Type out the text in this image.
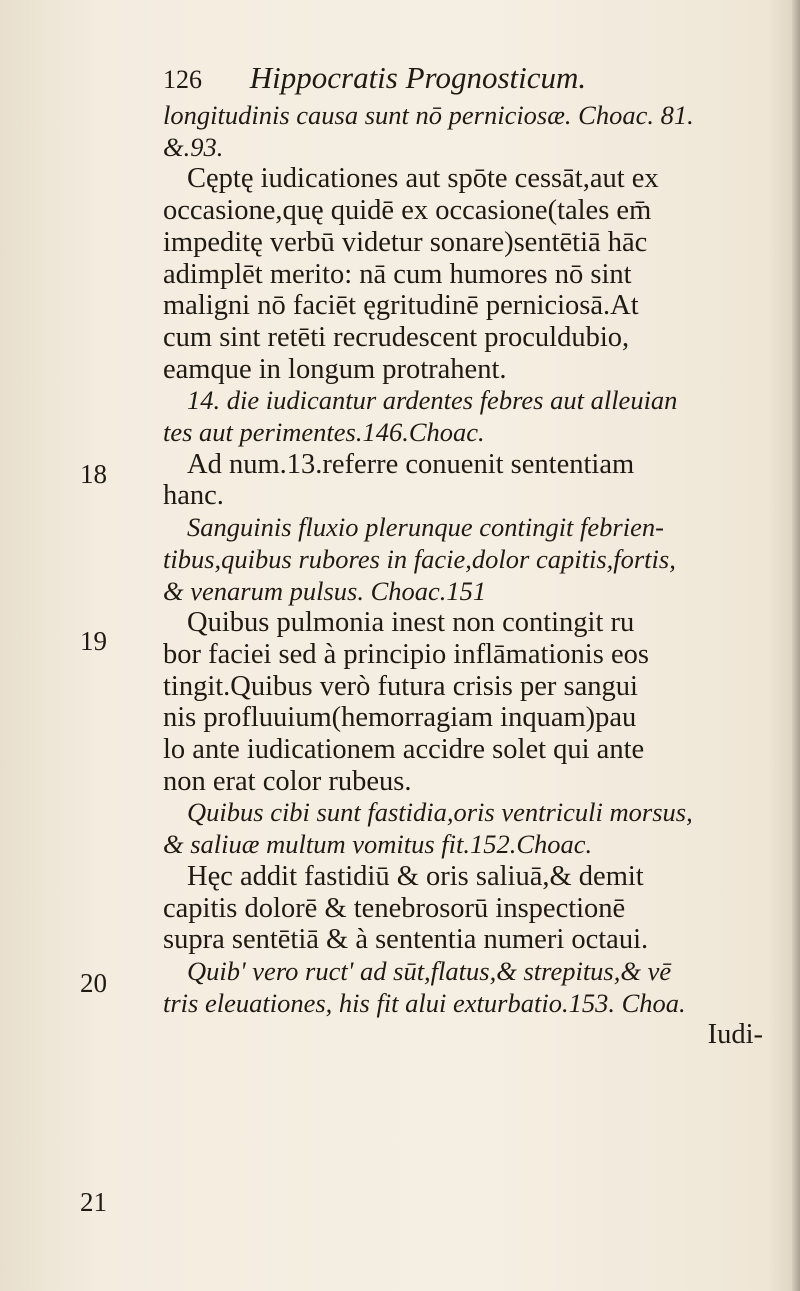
126 Hippocratis Prognosticum.
18
19
20
21
longitudinis causa sunt nō perniciosæ. Choac. 81.
&.93.
Cęptę iudicationes aut spōte cessāt,aut ex
occasione,quę quidē ex occasione(tales em̄
impeditę verbū videtur sonare)sentētiā hāc
adimplēt merito: nā cum humores nō sint
maligni nō faciēt ęgritudinē perniciosā.At
cum sint retēti recrudescent proculdubio,
eamque in longum protrahent.
14. die iudicantur ardentes febres aut alleuian
tes aut perimentes.146.Choac.
Ad num.13.referre conuenit sententiam
hanc.
Sanguinis fluxio plerunque contingit febrien-
tibus,quibus rubores in facie,dolor capitis,fortis,
& venarum pulsus. Choac.151
Quibus pulmonia inest non contingit ru
bor faciei sed à principio inflāmationis eos
tingit.Quibus verò futura crisis per sangui
nis profluuium(hemorragiam inquam)pau
lo ante iudicationem accidre solet qui ante
non erat color rubeus.
Quibus cibi sunt fastidia,oris ventriculi morsus,
& saliuæ multum vomitus fit.152.Choac.
Hęc addit fastidiū & oris saliuā,& demit
capitis dolorē & tenebrosorū inspectionē
supra sentētiā & à sententia numeri octaui.
Quib' vero ruct' ad sūt,flatus,& strepitus,& vē
tris eleuationes, his fit alui exturbatio.153. Choa.
Iudi-
